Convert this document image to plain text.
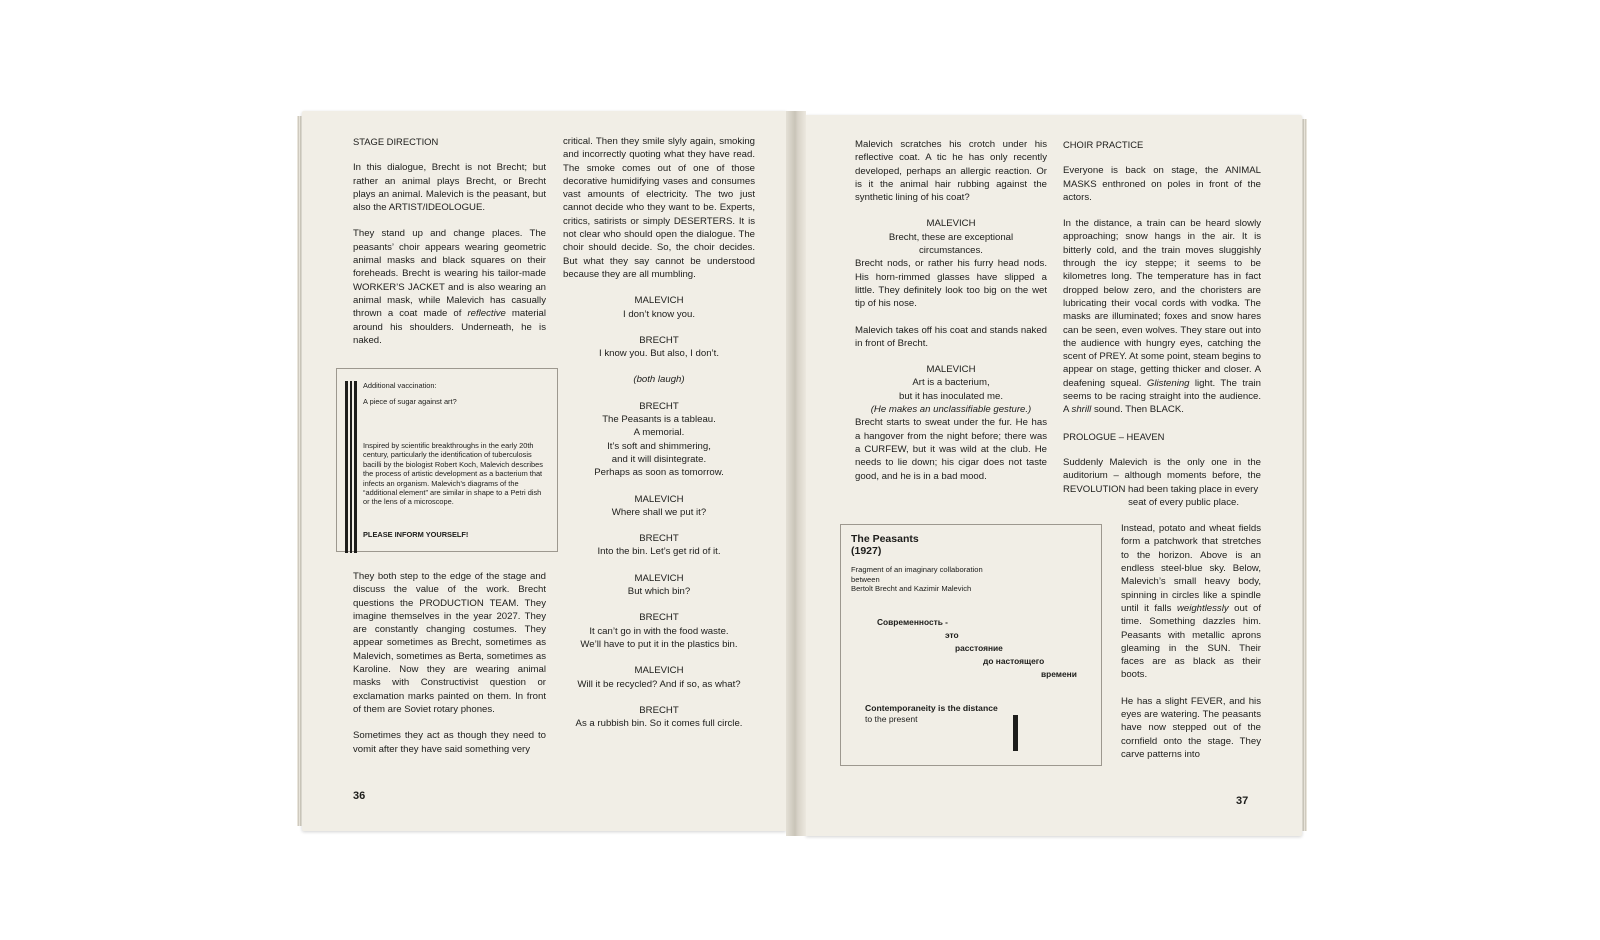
STAGE DIRECTION

In this dialogue, Brecht is not Brecht; but rather an animal plays Brecht, or Brecht plays an animal. Malevich is the peasant, but also the ARTIST/IDEOLOGUE.

They stand up and change places. The peasants’ choir appears wearing geometric animal masks and black squares on their foreheads. Brecht is wearing his tailor-made WORKER’S JACKET and is also wearing an animal mask, while Malevich has casually thrown a coat made of reflective material around his shoulders. Underneath, he is naked.

Additional vaccination:
A piece of sugar against art?
Inspired by scientific breakthroughs in the early 20th century, particularly the identification of tuberculosis bacilli by the biologist Robert Koch, Malevich describes the process of artistic development as a bacterium that infects an organism. Malevich’s diagrams of the “additional element” are similar in shape to a Petri dish or the lens of a microscope.
PLEASE INFORM YOURSELF!

They both step to the edge of the stage and discuss the value of the work. Brecht questions the PRODUCTION TEAM. They imagine themselves in the year 2027. They are constantly changing costumes. They appear sometimes as Brecht, sometimes as Malevich, sometimes as Berta, sometimes as Karoline. Now they are wearing animal masks with Constructivist question or exclamation marks painted on them. In front of them are Soviet rotary phones.

Sometimes they act as though they need to vomit after they have said something very

critical. Then they smile slyly again, smoking and incorrectly quoting what they have read. The smoke comes out of one of those decorative humidifying vases and consumes vast amounts of electricity. The two just cannot decide who they want to be. Experts, critics, satirists or simply DESERTERS. It is not clear who should open the dialogue. The choir should decide. So, the choir decides. But what they say cannot be understood because they are all mumbling.

MALEVICH
I don’t know you.
BRECHT
I know you. But also, I don’t.
(both laugh)
BRECHT
The Peasants is a tableau.
A memorial.
It’s soft and shimmering,
and it will disintegrate.
Perhaps as soon as tomorrow.
MALEVICH
Where shall we put it?
BRECHT
Into the bin. Let’s get rid of it.
MALEVICH
But which bin?
BRECHT
It can’t go in with the food waste.
We’ll have to put it in the plastics bin.
MALEVICH
Will it be recycled? And if so, as what?
BRECHT
As a rubbish bin. So it comes full circle.
36

Malevich scratches his crotch under his reflective coat. A tic he has only recently developed, perhaps an allergic reaction. Or is it the animal hair rubbing against the synthetic lining of his coat?

MALEVICH
Brecht, these are exceptional
circumstances.

Brecht nods, or rather his furry head nods. His horn-rimmed glasses have slipped a little. They definitely look too big on the wet tip of his nose.

Malevich takes off his coat and stands naked in front of Brecht.

MALEVICH
Art is a bacterium,
but it has inoculated me.
(He makes an unclassifiable gesture.)

Brecht starts to sweat under the fur. He has a hangover from the night before; there was a CURFEW, but it was wild at the club. He needs to lie down; his cigar does not taste good, and he is in a bad mood.

The Peasants
(1927)
Fragment of an imaginary collaboration
between
Bertolt Brecht and Kazimir Malevich
Современность -
это
расстояние
до настоящего
времени
Contemporaneity is the distance
to the present
CHOIR PRACTICE

Everyone is back on stage, the ANIMAL MASKS enthroned on poles in front of the actors.

In the distance, a train can be heard slowly approaching; snow hangs in the air. It is bitterly cold, and the train moves sluggishly through the icy steppe; it seems to be kilometres long. The temperature has in fact dropped below zero, and the choristers are lubricating their vocal cords with vodka. The masks are illuminated; foxes and snow hares can be seen, even wolves. They stare out into the audience with hungry eyes, catching the scent of PREY. At some point, steam begins to appear on stage, getting thicker and closer. A deafening squeal. Glistening light. The train seems to be racing straight into the audience. A shrill sound. Then BLACK.

PROLOGUE – HEAVEN

Suddenly Malevich is the only one in the auditorium – although moments before, the REVOLUTION had been taking place in every

seat of every public place.

Instead, potato and wheat fields form a patchwork that stretches to the horizon. Above is an endless steel-blue sky. Below, Malevich’s small heavy body, spinning in circles like a spindle until it falls weightlessly out of time. Something dazzles him. Peasants with metallic aprons gleaming in the SUN. Their faces are as black as their boots.

He has a slight FEVER, and his eyes are watering. The peasants have now stepped out of the cornfield onto the stage. They carve patterns into

37
